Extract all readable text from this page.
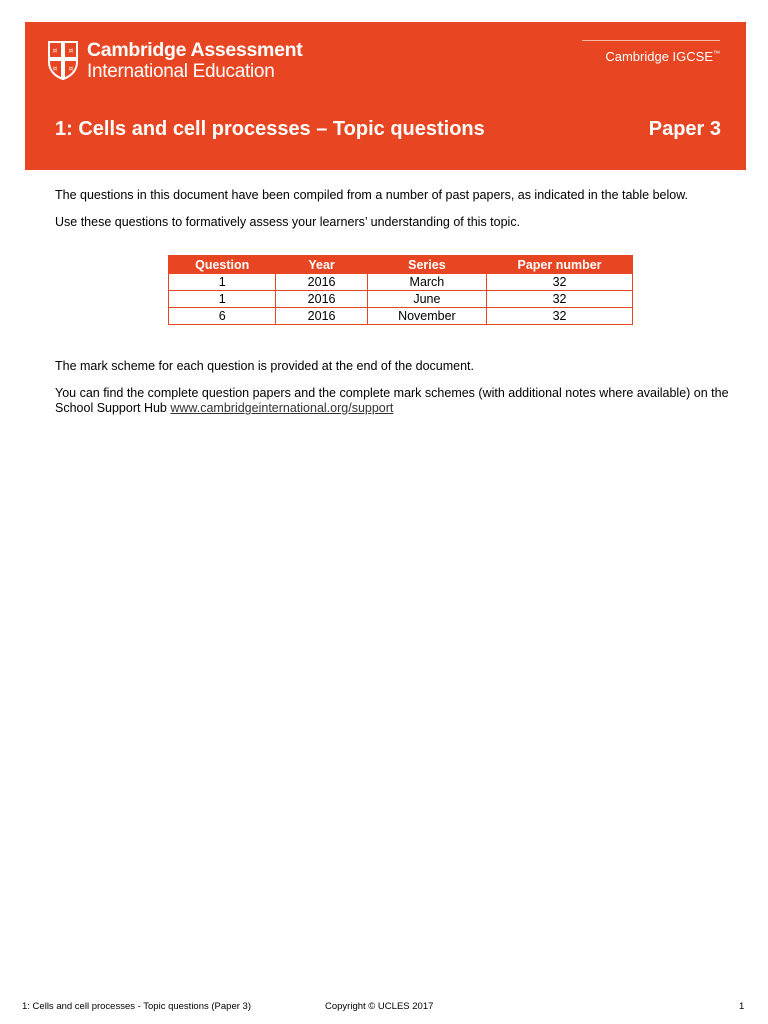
¤ ¤
¤ ¤
Cambridge Assessment
International Education
Cambridge IGCSE™
1: Cells and cell processes – Topic questions	Paper 3
The questions in this document have been compiled from a number of past papers, as indicated in the table below.
Use these questions to formatively assess your learners’ understanding of this topic.
Question	Year	Series	Paper number
1	2016	March	32
1	2016	June	32
6	2016	November	32
The mark scheme for each question is provided at the end of the document.
You can find the complete question papers and the complete mark schemes (with additional notes where available) on the School Support Hub www.cambridgeinternational.org/support
1: Cells and cell processes - Topic questions (Paper 3)	Copyright © UCLES 2017	1
